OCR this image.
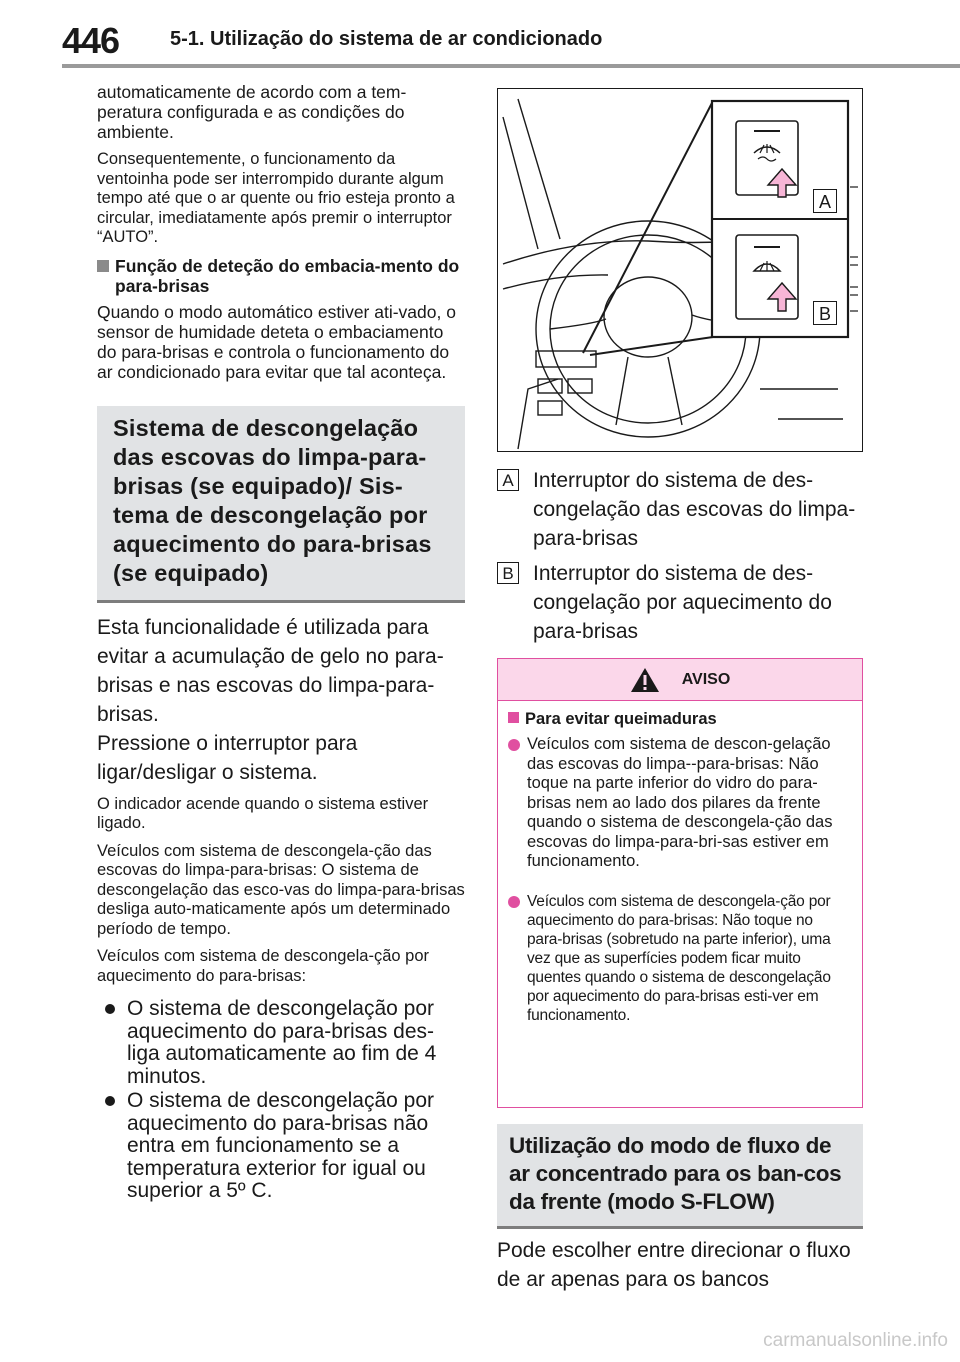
446	5-1. Utilização do sistema de ar condicionado

automaticamente de acordo com a tem-peratura configurada e as condições do ambiente.

Consequentemente, o funcionamento da ventoinha pode ser interrompido durante algum tempo até que o ar quente ou frio esteja pronto a circular, imediatamente após premir o interruptor “AUTO”.

Função de deteção do embacia-mento do para-brisas

Quando o modo automático estiver ati-vado, o sensor de humidade deteta o embaciamento do para-brisas e controla o funcionamento do ar condicionado para evitar que tal aconteça.

Sistema de descongelação das escovas do limpa-para-brisas (se equipado)/ Sis-tema de descongelação por aquecimento do para-brisas (se equipado)

Esta funcionalidade é utilizada para evitar a acumulação de gelo no para-brisas e nas escovas do limpa-para-brisas.

Pressione o interruptor para ligar/desligar o sistema.

O indicador acende quando o sistema estiver ligado.

Veículos com sistema de descongela-ção das escovas do limpa-para-brisas: O sistema de descongelação das esco-vas do limpa-para-brisas desliga auto-maticamente após um determinado período de tempo.

Veículos com sistema de descongela-ção por aquecimento do para-brisas:

O sistema de descongelação por aquecimento do para-brisas des-liga automaticamente ao fim de 4 minutos.
O sistema de descongelação por aquecimento do para-brisas não entra em funcionamento se a temperatura exterior for igual ou superior a 5º C.
A
B
A Interruptor do sistema de des-congelação das escovas do limpa-para-brisas
B Interruptor do sistema de des-congelação por aquecimento do para-brisas
AVISO
Para evitar queimaduras
Veículos com sistema de descon-gelação das escovas do limpa--para-brisas: Não toque na parte inferior do vidro do para-brisas nem ao lado dos pilares da frente quando o sistema de descongela-ção das escovas do limpa-para-bri-sas estiver em funcionamento.
Veículos com sistema de descongela-ção por aquecimento do para-brisas: Não toque no para-brisas (sobretudo na parte inferior), uma vez que as superfícies podem ficar muito quentes quando o sistema de descongelação por aquecimento do para-brisas esti-ver em funcionamento.
Utilização do modo de fluxo de ar concentrado para os ban-cos da frente (modo S-FLOW)

Pode escolher entre direcionar o fluxo de ar apenas para os bancos

carmanualsonline.info
